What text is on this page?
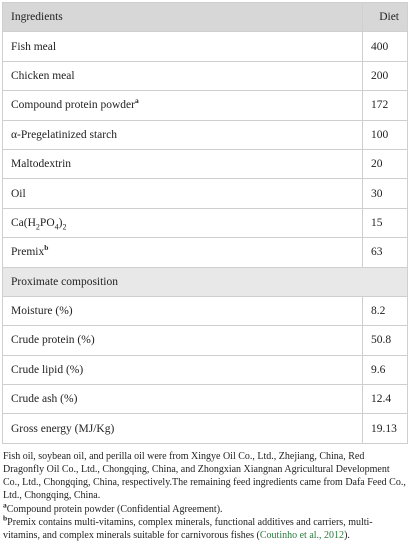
Ingredients	Diet
Fish meal	400
Chicken meal	200
Compound protein powder$^a$	172
α-Pregelatinized starch	100
Maltodextrin	20
Oil	30
$Ca(H_2PO_4)_2$	15
Premix$^b$	63
Proximate composition	
Moisture (%)	8.2
Crude protein (%)	50.8
Crude lipid (%)	9.6
Crude ash (%)	12.4
Gross energy (MJ/Kg)	19.13

Fish oil, soybean oil, and perilla oil were from Xingye Oil Co., Ltd., Zhejiang, China, Red Dragonfly Oil Co., Ltd., Chongqing, China, and Zhongxian Xiangnan Agricultural Development Co., Ltd., Chongqing, China, respectively.The remaining feed ingredients came from Dafa Feed Co., Ltd., Chongqing, China.

$^a$Compound protein powder (Confidential Agreement).

$^b$Premix contains multi-vitamins, complex minerals, functional additives and carriers, multi-vitamins, and complex minerals suitable for carnivorous fishes (Coutinho et al., 2012).
